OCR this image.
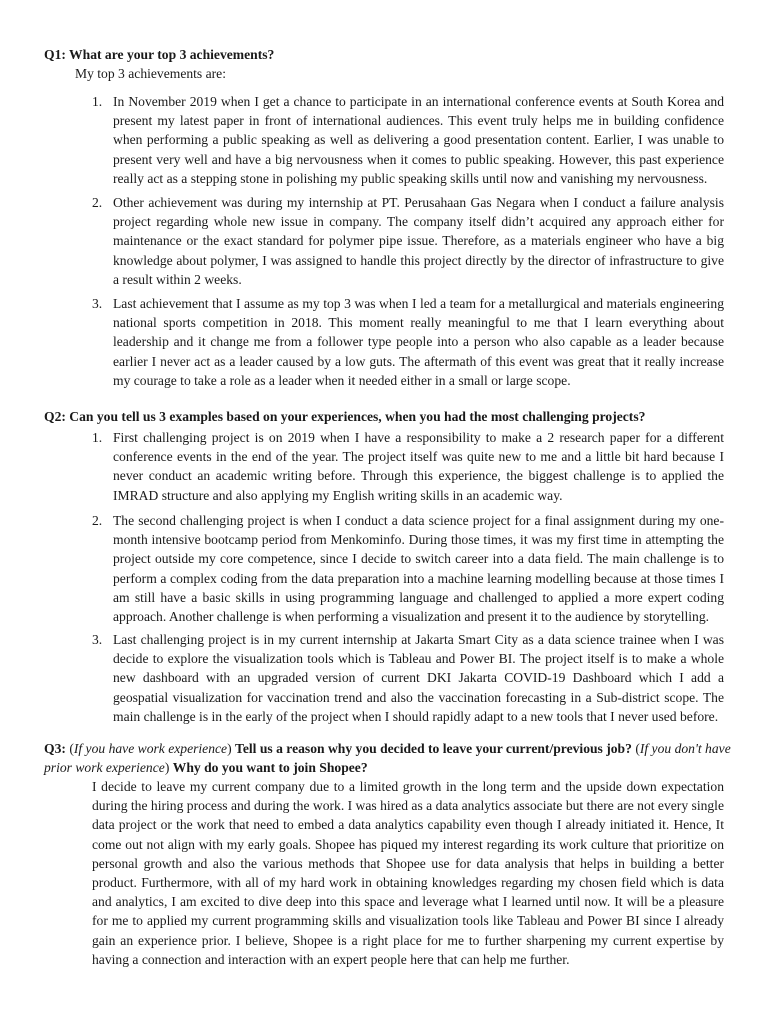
Q1: What are your top 3 achievements?
My top 3 achievements are:
1. In November 2019 when I get a chance to participate in an international conference events at South Korea and present my latest paper in front of international audiences. This event truly helps me in building confidence when performing a public speaking as well as delivering a good presentation content. Earlier, I was unable to present very well and have a big nervousness when it comes to public speaking. However, this past experience really act as a stepping stone in polishing my public speaking skills until now and vanishing my nervousness.
2. Other achievement was during my internship at PT. Perusahaan Gas Negara when I conduct a failure analysis project regarding whole new issue in company. The company itself didn’t acquired any approach either for maintenance or the exact standard for polymer pipe issue. Therefore, as a materials engineer who have a big knowledge about polymer, I was assigned to handle this project directly by the director of infrastructure to give a result within 2 weeks.
3. Last achievement that I assume as my top 3 was when I led a team for a metallurgical and materials engineering national sports competition in 2018. This moment really meaningful to me that I learn everything about leadership and it change me from a follower type people into a person who also capable as a leader because earlier I never act as a leader caused by a low guts. The aftermath of this event was great that it really increase my courage to take a role as a leader when it needed either in a small or large scope.
Q2: Can you tell us 3 examples based on your experiences, when you had the most challenging projects?
1. First challenging project is on 2019 when I have a responsibility to make a 2 research paper for a different conference events in the end of the year. The project itself was quite new to me and a little bit hard because I never conduct an academic writing before. Through this experience, the biggest challenge is to applied the IMRAD structure and also applying my English writing skills in an academic way.
2. The second challenging project is when I conduct a data science project for a final assignment during my one-month intensive bootcamp period from Menkominfo. During those times, it was my first time in attempting the project outside my core competence, since I decide to switch career into a data field. The main challenge is to perform a complex coding from the data preparation into a machine learning modelling because at those times I am still have a basic skills in using programming language and challenged to applied a more expert coding approach. Another challenge is when performing a visualization and present it to the audience by storytelling.
3. Last challenging project is in my current internship at Jakarta Smart City as a data science trainee when I was decide to explore the visualization tools which is Tableau and Power BI. The project itself is to make a whole new dashboard with an upgraded version of current DKI Jakarta COVID-19 Dashboard which I add a geospatial visualization for vaccination trend and also the vaccination forecasting in a Sub-district scope. The main challenge is in the early of the project when I should rapidly adapt to a new tools that I never used before.
Q3: (If you have work experience) Tell us a reason why you decided to leave your current/previous job? (If you don't have prior work experience) Why do you want to join Shopee?
I decide to leave my current company due to a limited growth in the long term and the upside down expectation during the hiring process and during the work. I was hired as a data analytics associate but there are not every single data project or the work that need to embed a data analytics capability even though I already initiated it. Hence, It come out not align with my early goals. Shopee has piqued my interest regarding its work culture that prioritize on personal growth and also the various methods that Shopee use for data analysis that helps in building a better product. Furthermore, with all of my hard work in obtaining knowledges regarding my chosen field which is data and analytics, I am excited to dive deep into this space and leverage what I learned until now. It will be a pleasure for me to applied my current programming skills and visualization tools like Tableau and Power BI since I already gain an experience prior. I believe, Shopee is a right place for me to further sharpening my current expertise by having a connection and interaction with an expert people here that can help me further.
